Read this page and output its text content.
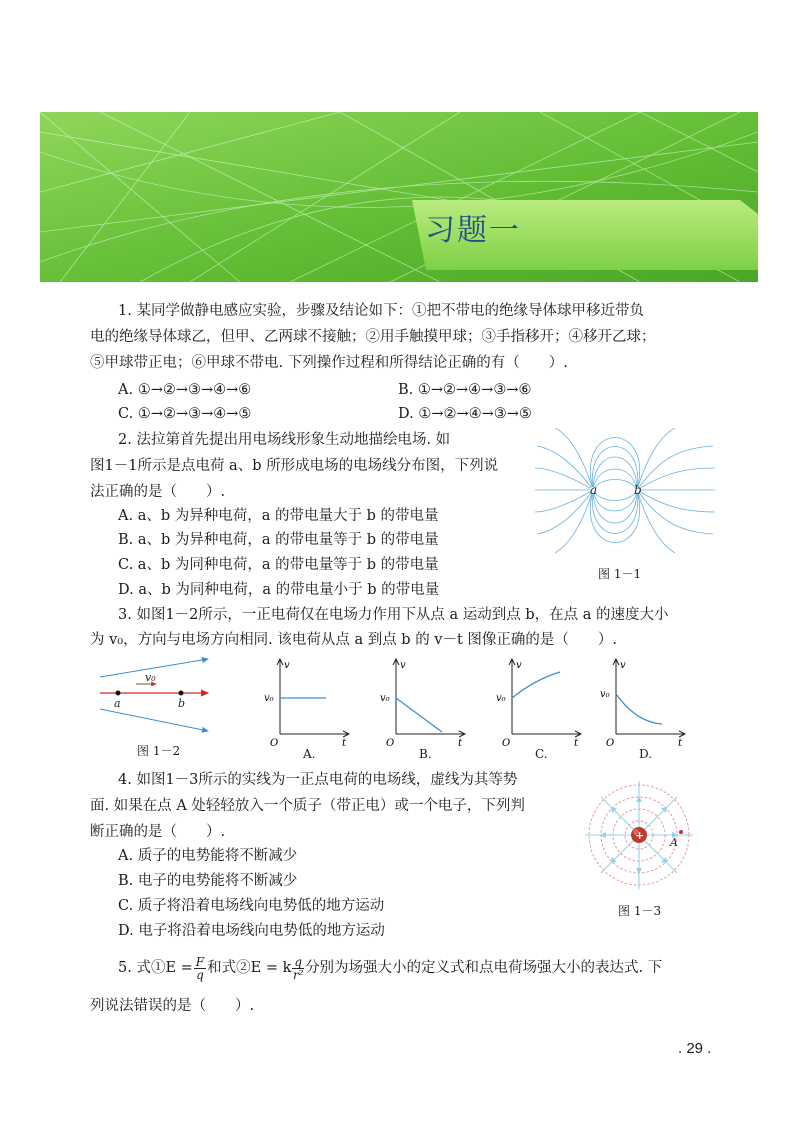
习题一
1. 某同学做静电感应实验，步骤及结论如下：①把不带电的绝缘导体球甲移近带负
电的绝缘导体球乙，但甲、乙两球不接触；②用手触摸甲球；③手指移开；④移开乙球；
⑤甲球带正电；⑥甲球不带电. 下列操作过程和所得结论正确的有（　　）.
A. ①→②→③→④→⑥	B. ①→②→④→③→⑥
C. ①→②→③→④→⑤	D. ①→②→④→③→⑤
2. 法拉第首先提出用电场线形象生动地描绘电场. 如
图1－1所示是点电荷 a、b 所形成电场的电场线分布图，下列说
法正确的是（　　）.
A. a、b 为异种电荷，a 的带电量大于 b 的带电量
B. a、b 为异种电荷，a 的带电量等于 b 的带电量
C. a、b 为同种电荷，a 的带电量等于 b 的带电量
D. a、b 为同种电荷，a 的带电量小于 b 的带电量
a	b
图 1－1
3. 如图1－2所示，一正电荷仅在电场力作用下从点 a 运动到点 b，在点 a 的速度大小
为 v₀，方向与电场方向相同. 该电荷从点 a 到点 b 的 v－t 图像正确的是（　　）.
v₀
a	b
图 1－2
v
v₀
O	t
A.
v
v₀
O	t
B.
v
v₀
O	t
C.
v
v₀
O	t
D.
4. 如图1－3所示的实线为一正点电荷的电场线，虚线为其等势
面. 如果在点 A 处轻轻放入一个质子（带正电）或一个电子，下列判
断正确的是（　　）.
A. 质子的电势能将不断减少
B. 电子的电势能将不断减少
C. 质子将沿着电场线向电势低的地方运动
D. 电子将沿着电场线向电势低的地方运动
+
A
图 1－3
5. 式①E = $\frac{F}{q}$ 和式②E = k $\frac{q}{\text{r²}}$ 分别为场强大小的定义式和点电荷场强大小的表达式. 下
列说法错误的是（　　）.
. 29 .
